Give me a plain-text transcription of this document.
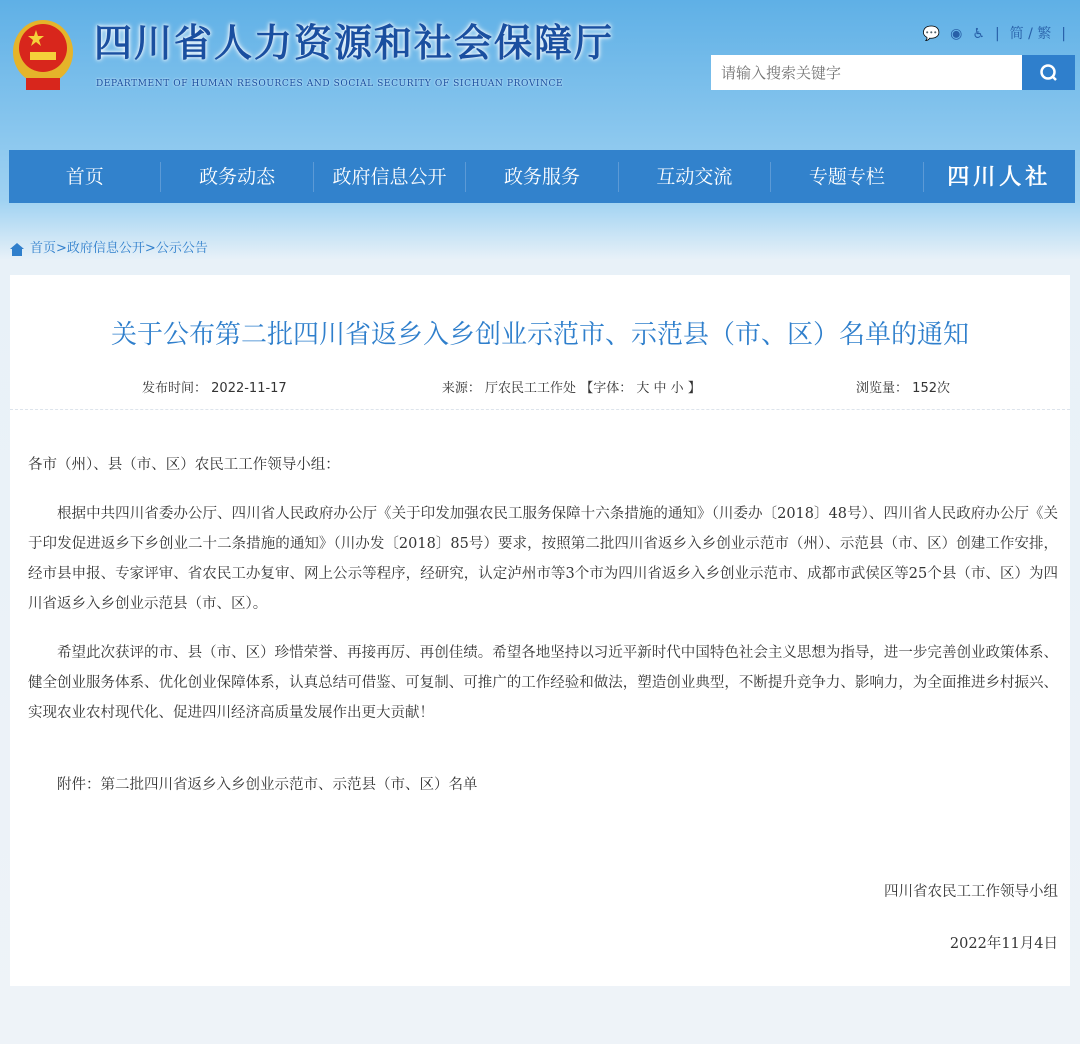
四川省人力资源和社会保障厅
DEPARTMENT OF HUMAN RESOURCES AND SOCIAL SECURITY OF SICHUAN PROVINCE
💬 ◉ ♿ | 简 / 繁 |
请输入搜索关键字
首页	政务动态	政府信息公开	政务服务	互动交流	专题专栏	四川人社
首页>政府信息公开>公示公告
关于公布第二批四川省返乡入乡创业示范市、示范县（市、区）名单的通知
发布时间： 2022-11-17	来源： 厅农民工工作处 【字体： 大 中 小 】	浏览量： 152次

各市（州）、县（市、区）农民工工作领导小组：

根据中共四川省委办公厅、四川省人民政府办公厅《关于印发加强农民工服务保障十六条措施的通知》（川委办〔2018〕48号）、四川省人民政府办公厅《关于印发促进返乡下乡创业二十二条措施的通知》（川办发〔2018〕85号）要求，按照第二批四川省返乡入乡创业示范市（州）、示范县（市、区）创建工作安排，经市县申报、专家评审、省农民工办复审、网上公示等程序，经研究，认定泸州市等3个市为四川省返乡入乡创业示范市、成都市武侯区等25个县（市、区）为四川省返乡入乡创业示范县（市、区）。

希望此次获评的市、县（市、区）珍惜荣誉、再接再厉、再创佳绩。希望各地坚持以习近平新时代中国特色社会主义思想为指导，进一步完善创业政策体系、健全创业服务体系、优化创业保障体系，认真总结可借鉴、可复制、可推广的工作经验和做法，塑造创业典型，不断提升竞争力、影响力，为全面推进乡村振兴、实现农业农村现代化、促进四川经济高质量发展作出更大贡献！

附件：第二批四川省返乡入乡创业示范市、示范县（市、区）名单

四川省农民工工作领导小组
2022年11月4日
